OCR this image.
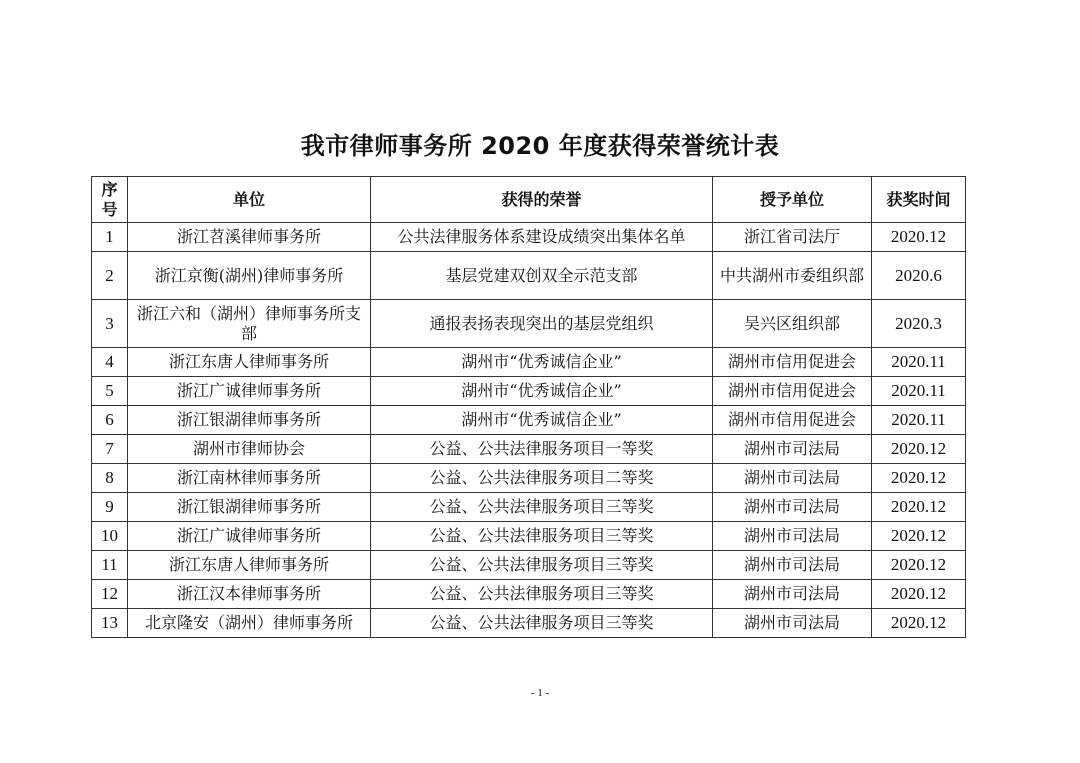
我市律师事务所 2020 年度获得荣誉统计表
序号	单位	获得的荣誉	授予单位	获奖时间
1	浙江苕溪律师事务所	公共法律服务体系建设成绩突出集体名单	浙江省司法厅	2020.12
2	浙江京衡(湖州)律师事务所	基层党建双创双全示范支部	中共湖州市委组织部	2020.6
3	浙江六和（湖州）律师事务所支部	通报表扬表现突出的基层党组织	吴兴区组织部	2020.3
4	浙江东唐人律师事务所	湖州市“优秀诚信企业”	湖州市信用促进会	2020.11
5	浙江广诚律师事务所	湖州市“优秀诚信企业”	湖州市信用促进会	2020.11
6	浙江银湖律师事务所	湖州市“优秀诚信企业”	湖州市信用促进会	2020.11
7	湖州市律师协会	公益、公共法律服务项目一等奖	湖州市司法局	2020.12
8	浙江南林律师事务所	公益、公共法律服务项目二等奖	湖州市司法局	2020.12
9	浙江银湖律师事务所	公益、公共法律服务项目三等奖	湖州市司法局	2020.12
10	浙江广诚律师事务所	公益、公共法律服务项目三等奖	湖州市司法局	2020.12
11	浙江东唐人律师事务所	公益、公共法律服务项目三等奖	湖州市司法局	2020.12
12	浙江汉本律师事务所	公益、公共法律服务项目三等奖	湖州市司法局	2020.12
13	北京隆安（湖州）律师事务所	公益、公共法律服务项目三等奖	湖州市司法局	2020.12
- 1 -
